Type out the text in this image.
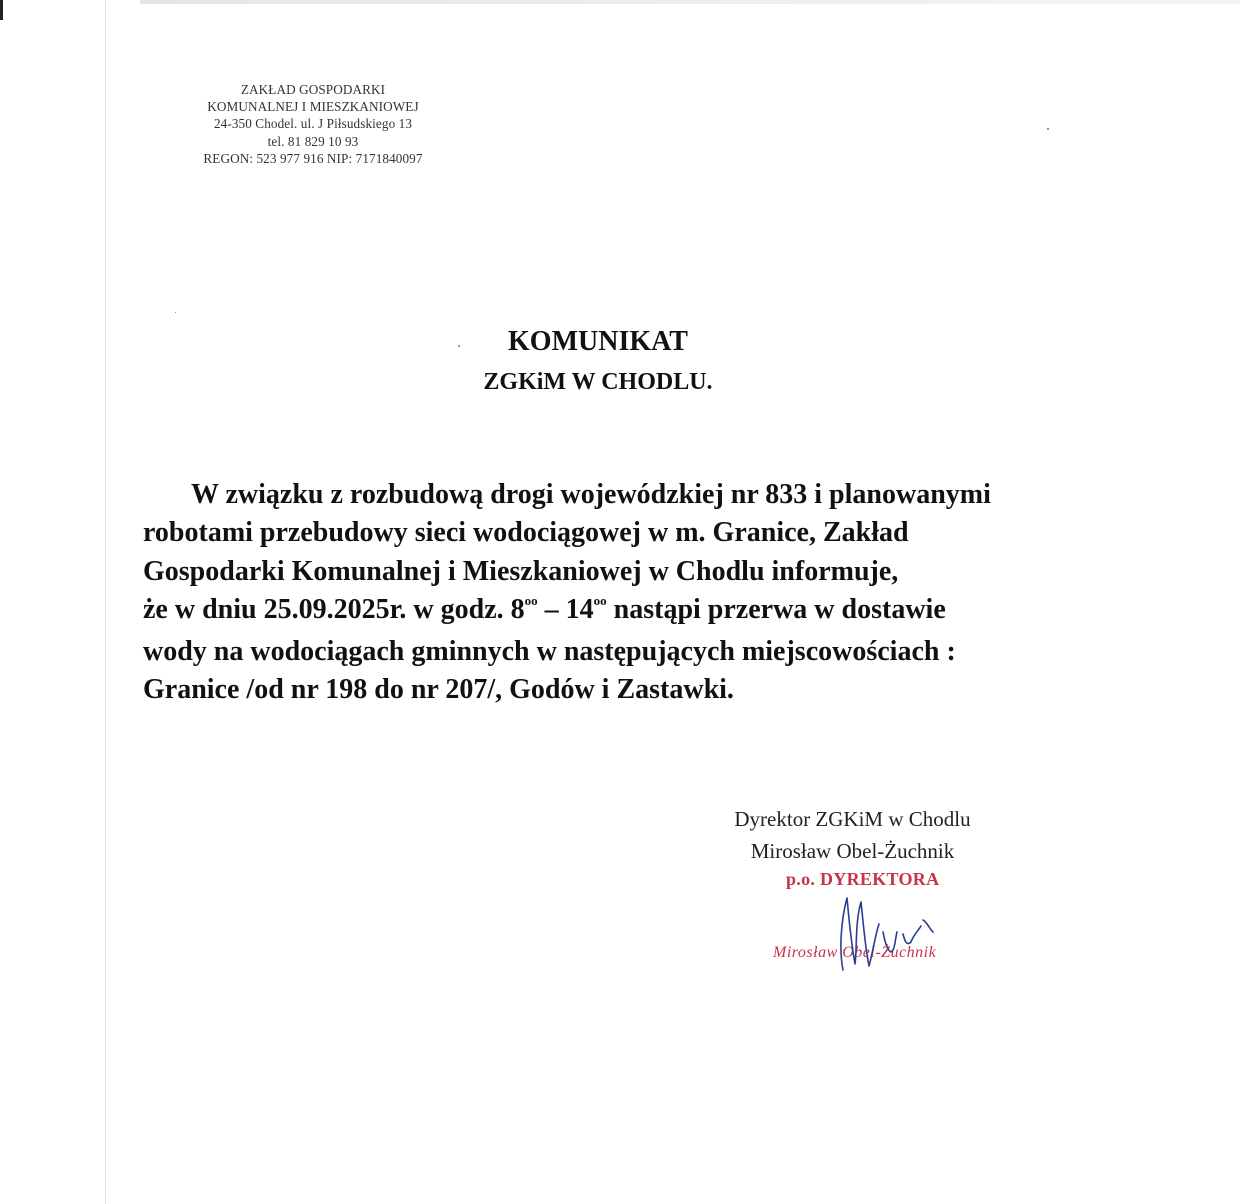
ZAKŁAD GOSPODARKI
KOMUNALNEJ I MIESZKANIOWEJ
24-350 Chodel. ul. J Piłsudskiego 13
tel. 81 829 10 93
REGON: 523 977 916 NIP: 7171840097
KOMUNIKAT
ZGKiM W CHODLU.
W związku z rozbudową drogi wojewódzkiej nr 833 i planowanymi
robotami przebudowy sieci wodociągowej w m. Granice, Zakład
Gospodarki Komunalnej i Mieszkaniowej w Chodlu informuje,
że w dniu 25.09.2025r. w godz. $8^{oo} - 14^{oo}$ nastąpi przerwa w dostawie
wody na wodociągach gminnych w następujących miejscowościach :
Granice /od nr 198 do nr 207/, Godów i Zastawki.
Dyrektor ZGKiM w Chodlu
Mirosław Obel-Żuchnik
p.o. DYREKTORA
Mirosław Obel-Żuchnik
